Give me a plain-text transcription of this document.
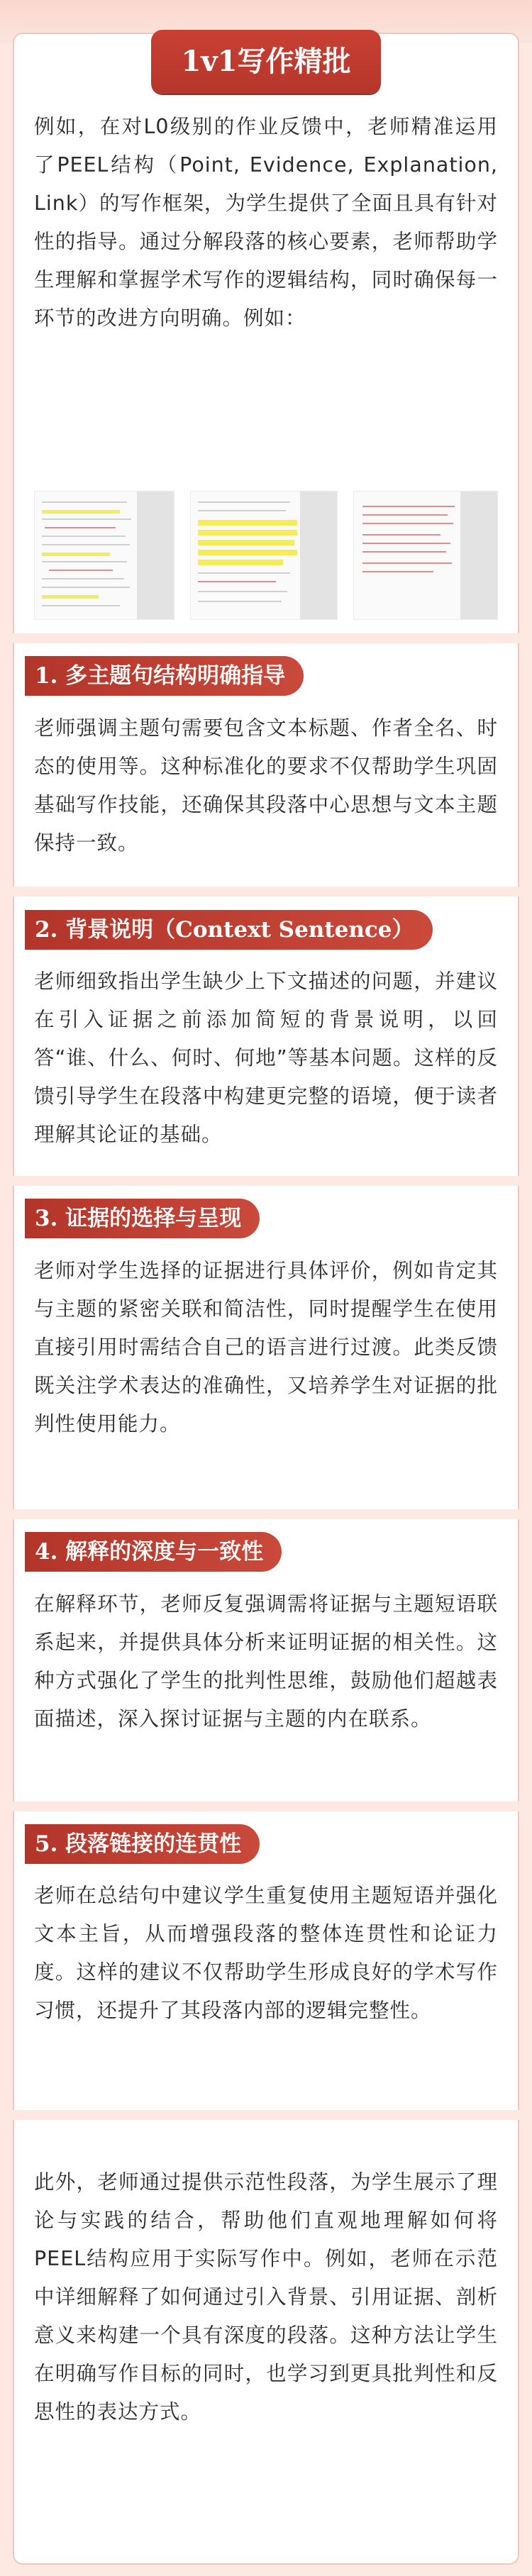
1v1写作精批
例如，在对L0级别的作业反馈中，老师精准运用了PEEL结构（Point, Evidence, Explanation, Link）的写作框架，为学生提供了全面且具有针对性的指导。通过分解段落的核心要素，老师帮助学生理解和掌握学术写作的逻辑结构，同时确保每一环节的改进方向明确。例如：
1. 多主题句结构明确指导
老师强调主题句需要包含文本标题、作者全名、时态的使用等。这种标准化的要求不仅帮助学生巩固基础写作技能，还确保其段落中心思想与文本主题保持一致。
2. 背景说明（Context Sentence）
老师细致指出学生缺少上下文描述的问题，并建议在引入证据之前添加简短的背景说明，以回答“谁、什么、何时、何地”等基本问题。这样的反馈引导学生在段落中构建更完整的语境，便于读者理解其论证的基础。
3. 证据的选择与呈现
老师对学生选择的证据进行具体评价，例如肯定其与主题的紧密关联和简洁性，同时提醒学生在使用直接引用时需结合自己的语言进行过渡。此类反馈既关注学术表达的准确性，又培养学生对证据的批判性使用能力。
4. 解释的深度与一致性
在解释环节，老师反复强调需将证据与主题短语联系起来，并提供具体分析来证明证据的相关性。这种方式强化了学生的批判性思维，鼓励他们超越表面描述，深入探讨证据与主题的内在联系。
5. 段落链接的连贯性
老师在总结句中建议学生重复使用主题短语并强化文本主旨，从而增强段落的整体连贯性和论证力度。这样的建议不仅帮助学生形成良好的学术写作习惯，还提升了其段落内部的逻辑完整性。
此外，老师通过提供示范性段落，为学生展示了理论与实践的结合，帮助他们直观地理解如何将PEEL结构应用于实际写作中。例如，老师在示范中详细解释了如何通过引入背景、引用证据、剖析意义来构建一个具有深度的段落。这种方法让学生在明确写作目标的同时，也学习到更具批判性和反思性的表达方式。
